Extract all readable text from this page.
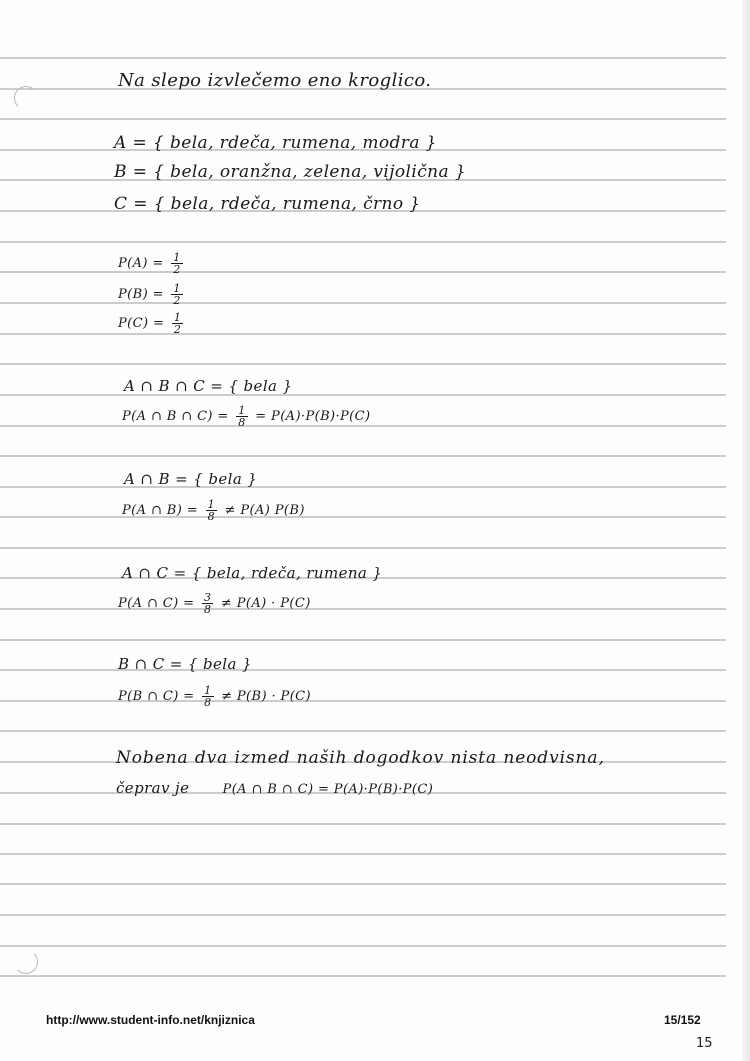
Na slepo izvlečemo eno kroglico.
A = { bela, rdeča, rumena, modra }
B = { bela, oranžna, zelena, vijolična }
C = { bela, rdeča, rumena, črno }
$P(A) = \frac{1}{2}$
$P(B) = \frac{1}{2}$
$P(C) = \frac{1}{2}$
A ∩ B ∩ C = { bela }
P(A ∩ B ∩ $C) = \frac{1}{8} = P(A)\cdot P(B)\cdot P(C)$
A ∩ B = { bela }
P(A ∩ $B) = \frac{1}{8} \ne P(A)$ P(B)
A ∩ C = { bela, rdeča, rumena }
P(A ∩ $C) = \frac{3}{8} \ne P(A) \cdot P(C)$
B ∩ C = { bela }
P(B ∩ $C) = \frac{1}{8} \ne P(B) \cdot P(C)$
Nobena dva izmed naših dogodkov nista neodvisna,
čeprav je	P(A ∩ B ∩ C) = P(A)·P(B)·P(C)
http://www.student-info.net/knjiznica	15/152
15
